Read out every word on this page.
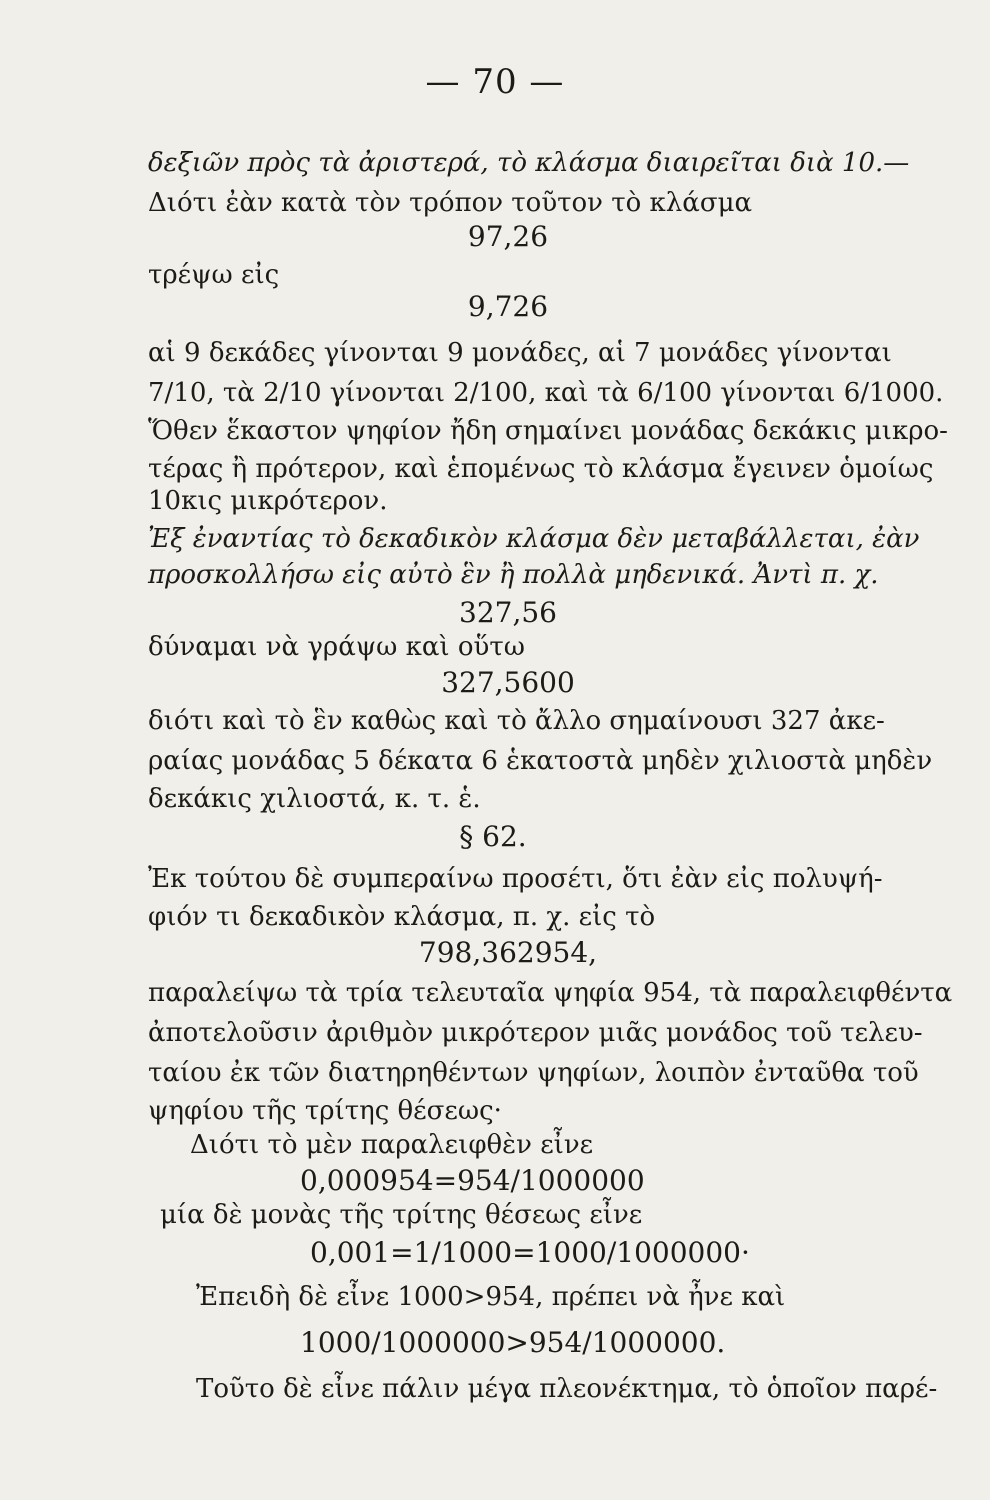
— 70 —
δεξιῶν πρὸς τὰ ἀριστερά, τὸ κλάσμα διαιρεῖται διὰ 10.—
Διότι ἐὰν κατὰ τὸν τρόπον τοῦτον τὸ κλάσμα
97,26
τρέψω εἰς
9,726
αἱ 9 δεκάδες γίνονται 9 μονάδες, αἱ 7 μονάδες γίνονται
7/10, τὰ 2/10 γίνονται 2/100, καὶ τὰ 6/100 γίνονται 6/1000.
Ὅθεν ἕκαστον ψηφίον ἤδη σημαίνει μονάδας δεκάκις μικρο-
τέρας ἢ πρότερον, καὶ ἑπομένως τὸ κλάσμα ἔγεινεν ὁμοίως
10κις μικρότερον.
Ἐξ ἐναντίας τὸ δεκαδικὸν κλάσμα δὲν μεταβάλλεται, ἐὰν
προσκολλήσω εἰς αὐτὸ ἓν ἢ πολλὰ μηδενικά. Ἀντὶ π. χ.
327,56
δύναμαι νὰ γράψω καὶ οὕτω
327,5600
διότι καὶ τὸ ἓν καθὼς καὶ τὸ ἄλλο σημαίνουσι 327 ἀκε-
ραίας μονάδας 5 δέκατα 6 ἑκατοστὰ μηδὲν χιλιοστὰ μηδὲν
δεκάκις χιλιοστά, κ. τ. ἑ.
§ 62.
Ἐκ τούτου δὲ συμπεραίνω προσέτι, ὅτι ἐὰν εἰς πολυψή-
φιόν τι δεκαδικὸν κλάσμα, π. χ. εἰς τὸ
798,362954,
παραλείψω τὰ τρία τελευταῖα ψηφία 954, τὰ παραλειφθέντα
ἀποτελοῦσιν ἀριθμὸν μικρότερον μιᾶς μονάδος τοῦ τελευ-
ταίου ἐκ τῶν διατηρηθέντων ψηφίων, λοιπὸν ἐνταῦθα τοῦ
ψηφίου τῆς τρίτης θέσεως·
Διότι τὸ μὲν παραλειφθὲν εἶνε
0,000954=954/1000000
μία δὲ μονὰς τῆς τρίτης θέσεως εἶνε
0,001=1/1000=1000/1000000·
Ἐπειδὴ δὲ εἶνε 1000>954, πρέπει νὰ ἦνε καὶ
1000/1000000>954/1000000.
Τοῦτο δὲ εἶνε πάλιν μέγα πλεονέκτημα, τὸ ὁποῖον παρέ-
